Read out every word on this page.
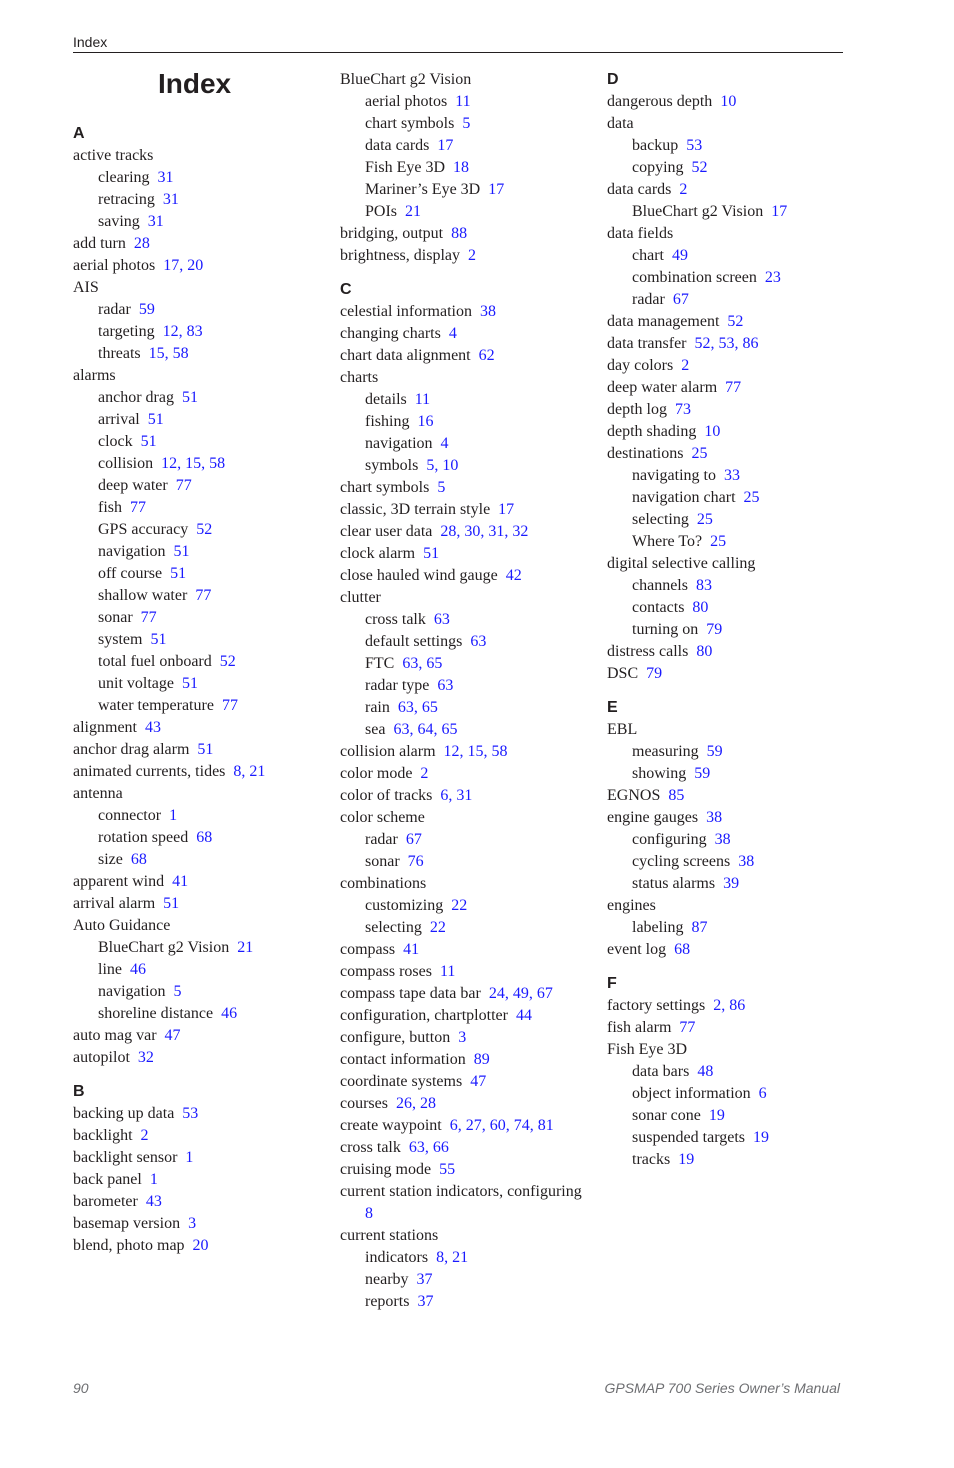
Index
Index
A
active tracks
clearing 31
retracing 31
saving 31
add turn 28
aerial photos 17, 20
AIS
radar 59
targeting 12, 83
threats 15, 58
alarms
anchor drag 51
arrival 51
clock 51
collision 12, 15, 58
deep water 77
fish 77
GPS accuracy 52
navigation 51
off course 51
shallow water 77
sonar 77
system 51
total fuel onboard 52
unit voltage 51
water temperature 77
alignment 43
anchor drag alarm 51
animated currents, tides 8, 21
antenna
connector 1
rotation speed 68
size 68
apparent wind 41
arrival alarm 51
Auto Guidance
BlueChart g2 Vision 21
line 46
navigation 5
shoreline distance 46
auto mag var 47
autopilot 32
B
backing up data 53
backlight 2
backlight sensor 1
back panel 1
barometer 43
basemap version 3
blend, photo map 20
BlueChart g2 Vision
aerial photos 11
chart symbols 5
data cards 17
Fish Eye 3D 18
Mariner’s Eye 3D 17
POIs 21
bridging, output 88
brightness, display 2
C
celestial information 38
changing charts 4
chart data alignment 62
charts
details 11
fishing 16
navigation 4
symbols 5, 10
chart symbols 5
classic, 3D terrain style 17
clear user data 28, 30, 31, 32
clock alarm 51
close hauled wind gauge 42
clutter
cross talk 63
default settings 63
FTC 63, 65
radar type 63
rain 63, 65
sea 63, 64, 65
collision alarm 12, 15, 58
color mode 2
color of tracks 6, 31
color scheme
radar 67
sonar 76
combinations
customizing 22
selecting 22
compass 41
compass roses 11
compass tape data bar 24, 49, 67
configuration, chartplotter 44
configure, button 3
contact information 89
coordinate systems 47
courses 26, 28
create waypoint 6, 27, 60, 74, 81
cross talk 63, 66
cruising mode 55
current station indicators, configuring
8
current stations
indicators 8, 21
nearby 37
reports 37
D
dangerous depth 10
data
backup 53
copying 52
data cards 2
BlueChart g2 Vision 17
data fields
chart 49
combination screen 23
radar 67
data management 52
data transfer 52, 53, 86
day colors 2
deep water alarm 77
depth log 73
depth shading 10
destinations 25
navigating to 33
navigation chart 25
selecting 25
Where To? 25
digital selective calling
channels 83
contacts 80
turning on 79
distress calls 80
DSC 79
E
EBL
measuring 59
showing 59
EGNOS 85
engine gauges 38
configuring 38
cycling screens 38
status alarms 39
engines
labeling 87
event log 68
F
factory settings 2, 86
fish alarm 77
Fish Eye 3D
data bars 48
object information 6
sonar cone 19
suspended targets 19
tracks 19
90	GPSMAP 700 Series Owner’s Manual
